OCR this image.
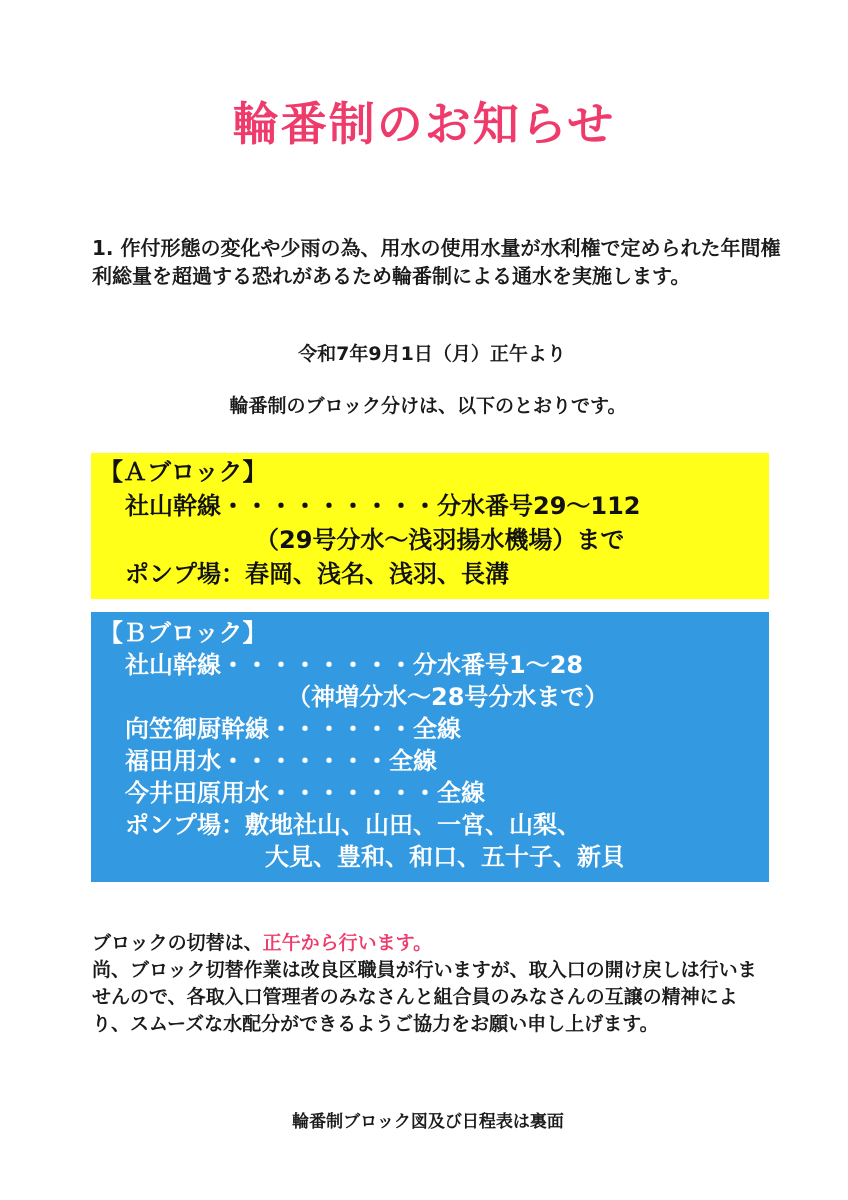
輪番制のお知らせ
1. 作付形態の変化や少雨の為、用水の使用水量が水利権で定められた年間権利総量を超過する恐れがあるため輪番制による通水を実施します。
令和7年9月1日（月）正午より
輪番制のブロック分けは、以下のとおりです。
【Ａブロック】
社山幹線・・・・・・・・・分水番号29～112
（29号分水～浅羽揚水機場）まで
ポンプ場：春岡、浅名、浅羽、長溝
【Ｂブロック】
社山幹線・・・・・・・・分水番号1～28
（神増分水～28号分水まで）
向笠御厨幹線・・・・・・全線
福田用水・・・・・・・全線
今井田原用水・・・・・・・全線
ポンプ場：敷地社山、山田、一宮、山梨、
大見、豊和、和口、五十子、新貝
ブロックの切替は、正午から行います。
尚、ブロック切替作業は改良区職員が行いますが、取入口の開け戻しは行いませんので、各取入口管理者のみなさんと組合員のみなさんの互譲の精神により、スムーズな水配分ができるようご協力をお願い申し上げます。
輪番制ブロック図及び日程表は裏面
